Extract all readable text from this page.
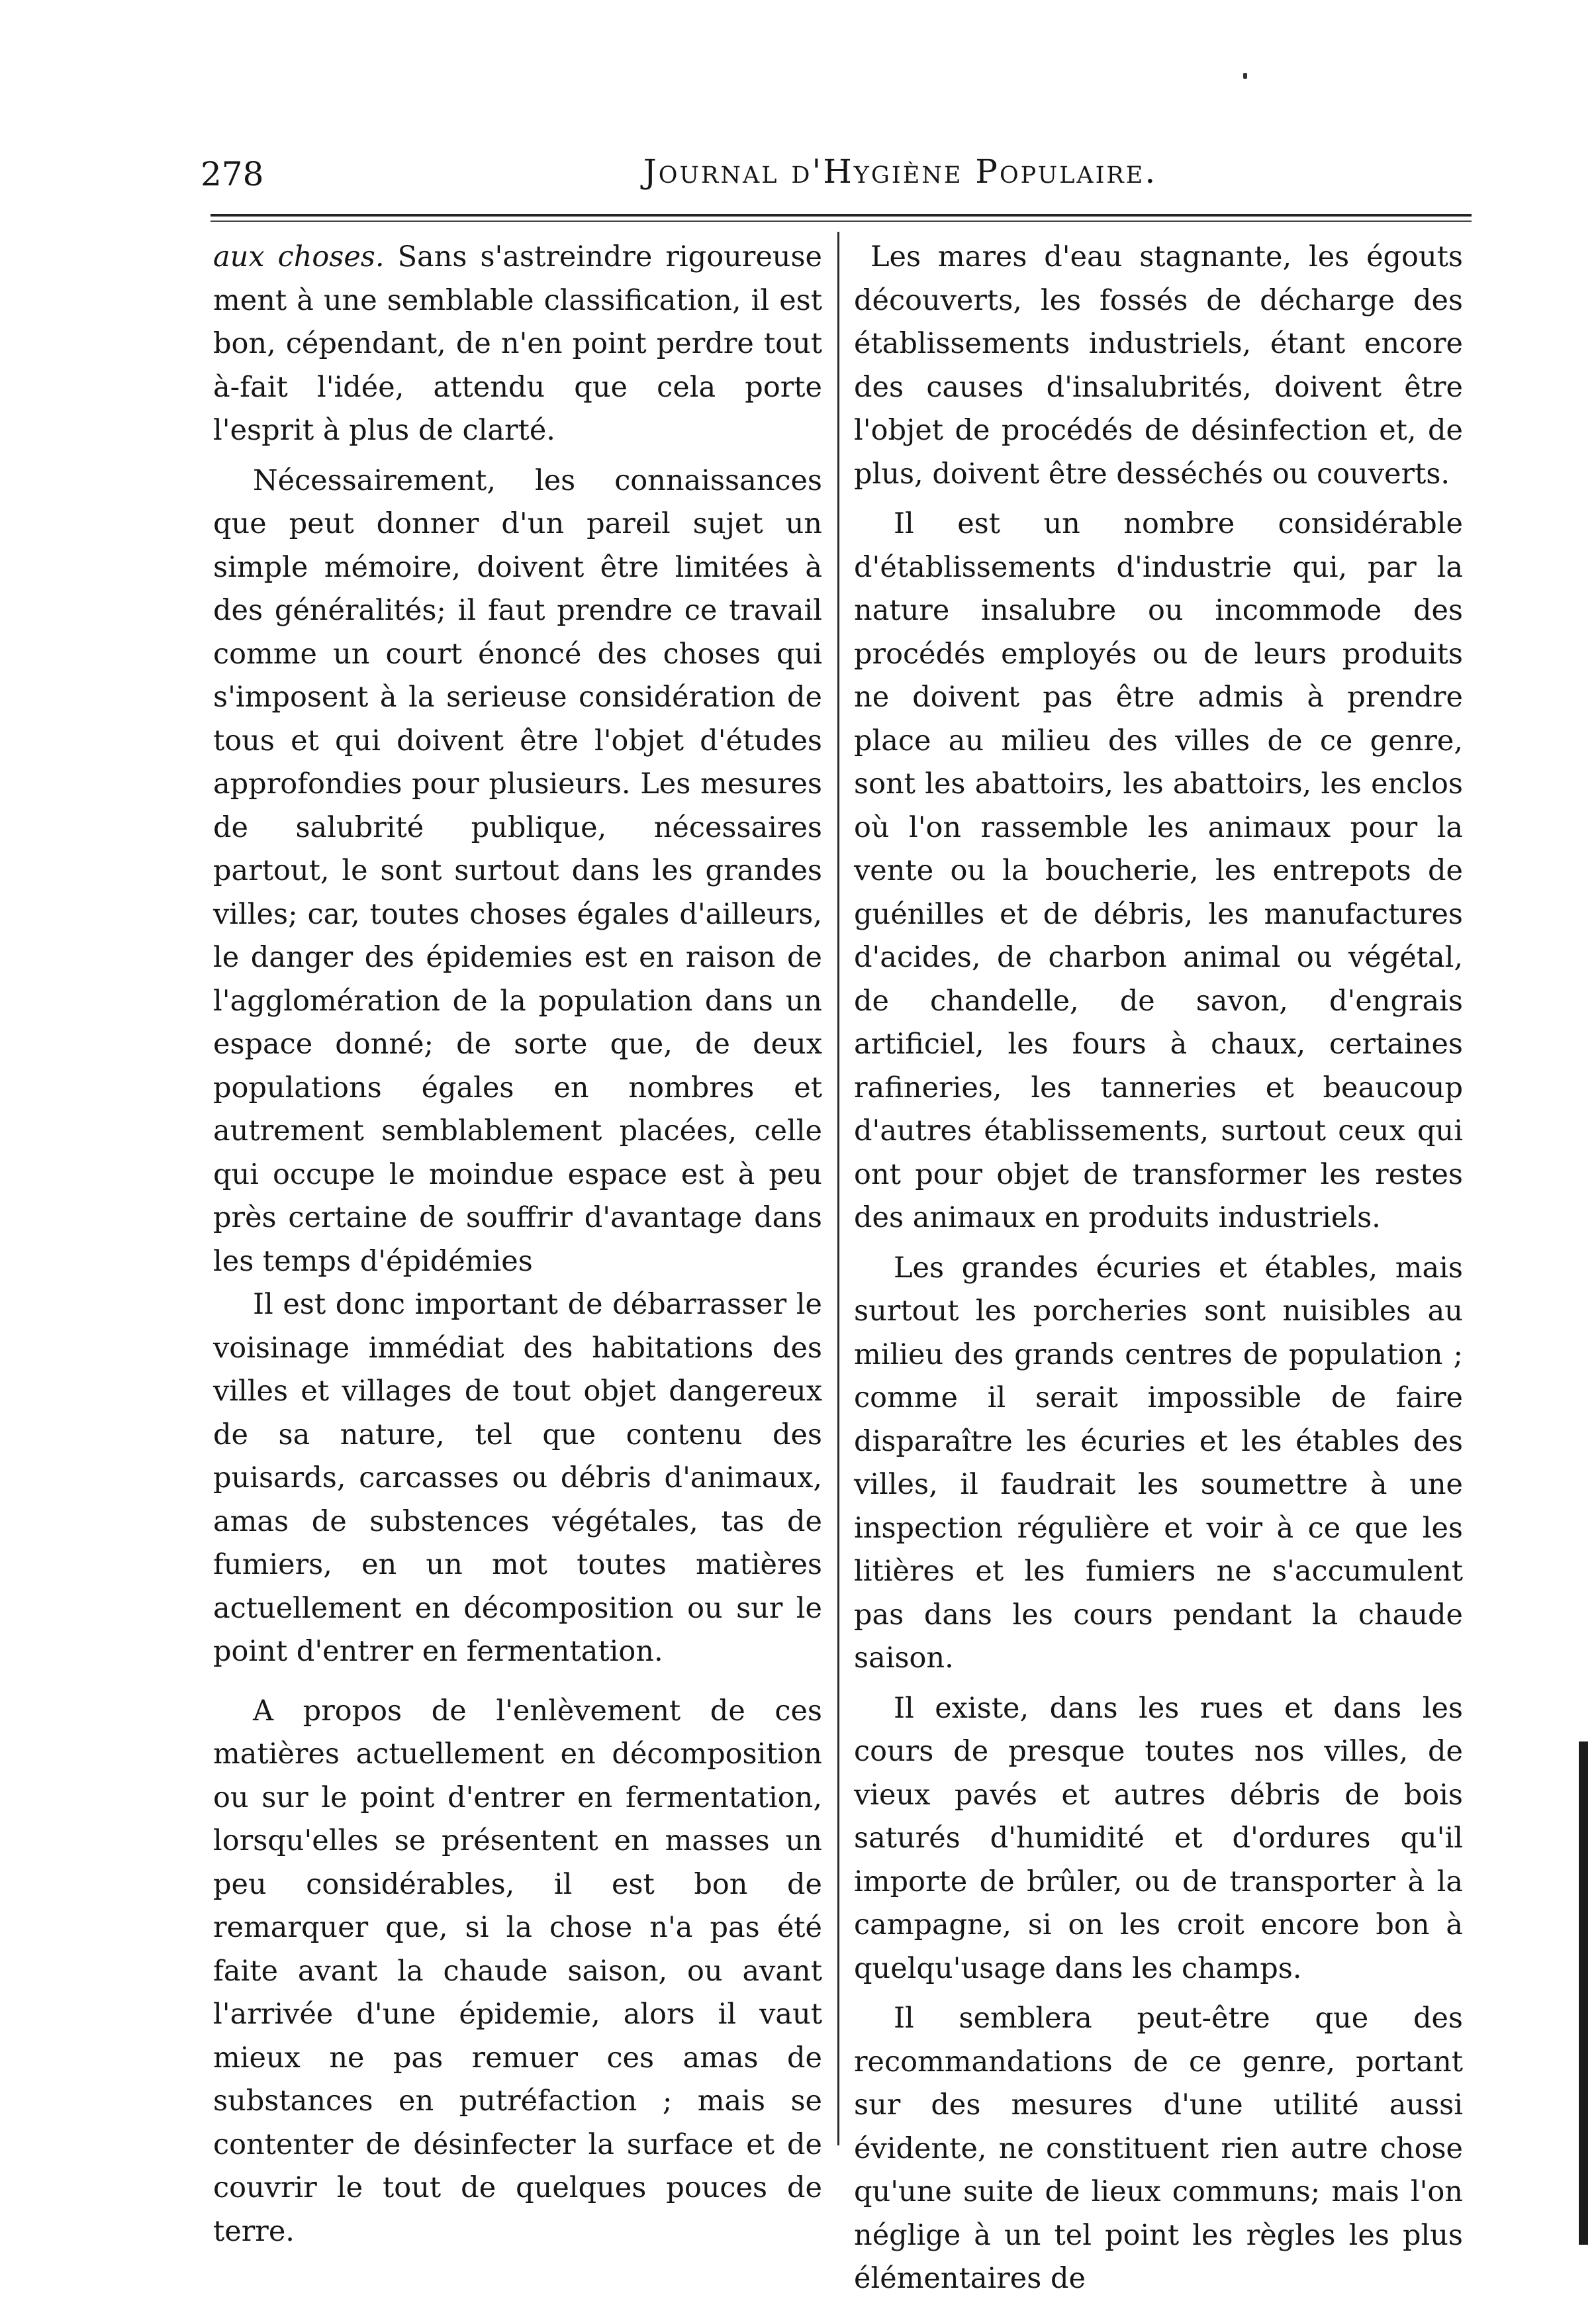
278	Journal d'Hygiène Populaire.

aux choses. Sans s'astreindre rigoureuse ment à une semblable classification, il est bon, cépendant, de n'en point perdre tout à-fait l'idée, attendu que cela porte l'esprit à plus de clarté.

Nécessairement, les connaissances que peut donner d'un pareil sujet un simple mémoire, doivent être limitées à des généralités; il faut prendre ce travail comme un court énoncé des choses qui s'imposent à la serieuse considération de tous et qui doivent être l'objet d'études approfondies pour plusieurs. Les mesures de salubrité publique, nécessaires partout, le sont surtout dans les grandes villes; car, toutes choses égales d'ailleurs, le danger des épidemies est en raison de l'agglomération de la population dans un espace donné; de sorte que, de deux populations égales en nombres et autrement semblablement placées, celle qui occupe le moindue espace est à peu près certaine de souffrir d'avantage dans les temps d'épidémies

Il est donc important de débarrasser le voisinage immédiat des habitations des villes et villages de tout objet dangereux de sa nature, tel que contenu des puisards, carcasses ou débris d'animaux, amas de substences végétales, tas de fumiers, en un mot toutes matières actuellement en décomposition ou sur le point d'entrer en fermentation.

A propos de l'enlèvement de ces matières actuellement en décomposition ou sur le point d'entrer en fermentation, lorsqu'elles se présentent en masses un peu considérables, il est bon de remarquer que, si la chose n'a pas été faite avant la chaude saison, ou avant l'arrivée d'une épidemie, alors il vaut mieux ne pas remuer ces amas de substances en putréfaction ; mais se contenter de désinfecter la surface et de couvrir le tout de quelques pouces de terre.

Les mares d'eau stagnante, les égouts découverts, les fossés de décharge des établissements industriels, étant encore des causes d'insalubrités, doivent être l'objet de procédés de désinfection et, de plus, doivent être desséchés ou couverts.

Il est un nombre considérable d'établissements d'industrie qui, par la nature insalubre ou incommode des procédés employés ou de leurs produits ne doivent pas être admis à prendre place au milieu des villes de ce genre, sont les abattoirs, les abattoirs, les enclos où l'on rassemble les animaux pour la vente ou la boucherie, les entrepots de guénilles et de débris, les manufactures d'acides, de charbon animal ou végétal, de chandelle, de savon, d'engrais artificiel, les fours à chaux, certaines rafineries, les tanneries et beaucoup d'autres établissements, surtout ceux qui ont pour objet de transformer les restes des animaux en produits industriels.

Les grandes écuries et étables, mais surtout les porcheries sont nuisibles au milieu des grands centres de population ; comme il serait impossible de faire disparaître les écuries et les étables des villes, il faudrait les soumettre à une inspection régulière et voir à ce que les litières et les fumiers ne s'accumulent pas dans les cours pendant la chaude saison.

Il existe, dans les rues et dans les cours de presque toutes nos villes, de vieux pavés et autres débris de bois saturés d'humidité et d'ordures qu'il importe de brûler, ou de transporter à la campagne, si on les croit encore bon à quelqu'usage dans les champs.

Il semblera peut-être que des recommandations de ce genre, portant sur des mesures d'une utilité aussi évidente, ne constituent rien autre chose qu'une suite de lieux communs; mais l'on néglige à un tel point les règles les plus élémentaires de
